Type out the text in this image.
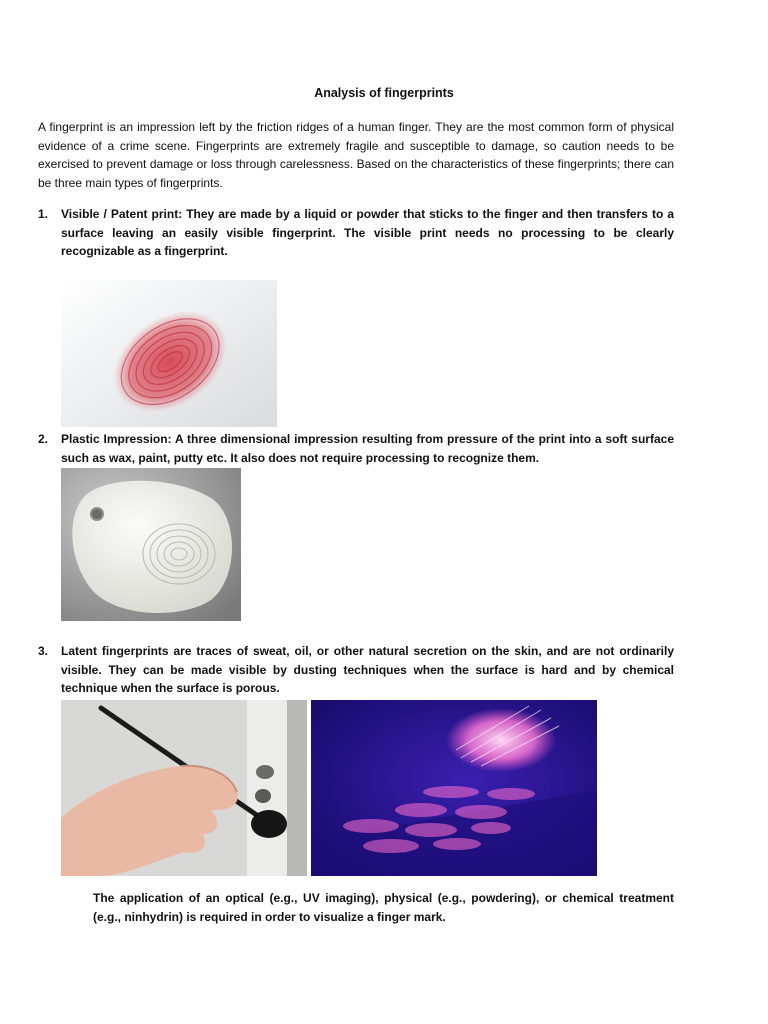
Analysis of fingerprints
A fingerprint is an impression left by the friction ridges of a human finger. They are the most common form of physical evidence of a crime scene. Fingerprints are extremely fragile and susceptible to damage, so caution needs to be exercised to prevent damage or loss through carelessness. Based on the characteristics of these fingerprints; there can be three main types of fingerprints.
1.	Visible / Patent print: They are made by a liquid or powder that sticks to the finger and then transfers to a surface leaving an easily visible fingerprint. The visible print needs no processing to be clearly recognizable as a fingerprint.
2.	Plastic Impression: A three dimensional impression resulting from pressure of the print into a soft surface such as wax, paint, putty etc. It also does not require processing to recognize them.
3.	Latent fingerprints are traces of sweat, oil, or other natural secretion on the skin, and are not ordinarily visible. They can be made visible by dusting techniques when the surface is hard and by chemical technique when the surface is porous.
The application of an optical (e.g., UV imaging), physical (e.g., powdering), or chemical treatment (e.g., ninhydrin) is required in order to visualize a finger mark.
